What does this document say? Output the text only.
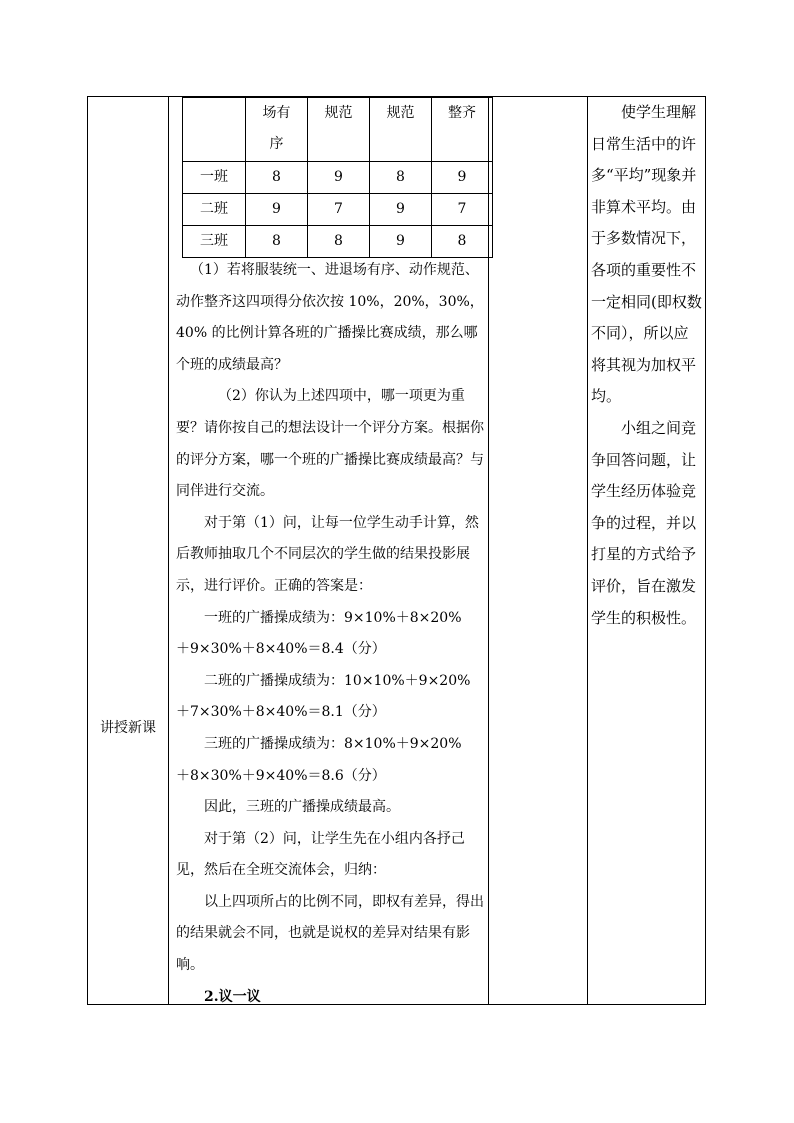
讲授新课

	场有序	规范	规范	整齐
一班	8	9	8	9
二班	9	7	9	7
三班	8	8	9	8

（1）若将服装统一、进退场有序、动作规范、动作整齐这四项得分依次按 10%，20%，30%，40% 的比例计算各班的广播操比赛成绩，那么哪个班的成绩最高？

（2）你认为上述四项中，哪一项更为重要？请你按自己的想法设计一个评分方案。根据你的评分方案，哪一个班的广播操比赛成绩最高？与同伴进行交流。

对于第（1）问，让每一位学生动手计算，然后教师抽取几个不同层次的学生做的结果投影展示，进行评价。正确的答案是：

一班的广播操成绩为：9×10%＋8×20%

＋9×30%＋8×40%＝8.4（分）

二班的广播操成绩为：10×10%＋9×20%

＋7×30%＋8×40%＝8.1（分）

三班的广播操成绩为：8×10%＋9×20%

＋8×30%＋9×40%＝8.6（分）

因此，三班的广播操成绩最高。

对于第（2）问，让学生先在小组内各抒己见，然后在全班交流体会，归纳：

以上四项所占的比例不同，即权有差异，得出的结果就会不同，也就是说权的差异对结果有影响。

2.议一议

使学生理解日常生活中的许多“平均”现象并非算术平均。由于多数情况下，各项的重要性不一定相同(即权数不同），所以应将其视为加权平均。

小组之间竞争回答问题，让学生经历体验竞争的过程，并以打星的方式给予评价，旨在激发学生的积极性。
